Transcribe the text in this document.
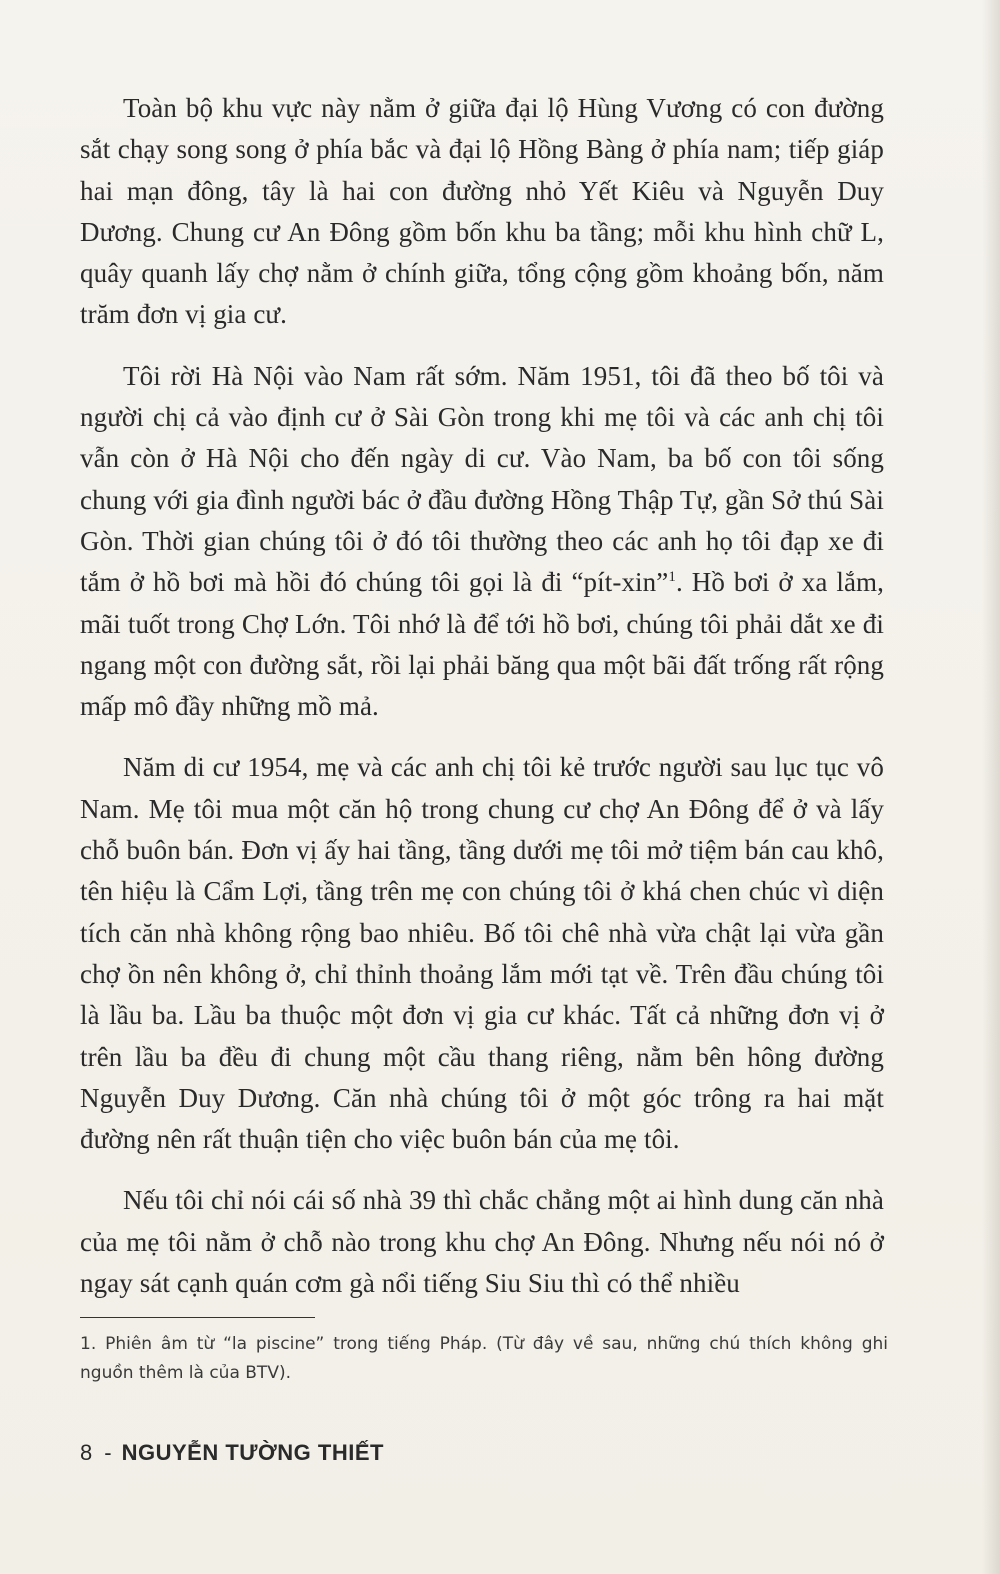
Toàn bộ khu vực này nằm ở giữa đại lộ Hùng Vương có con đường sắt chạy song song ở phía bắc và đại lộ Hồng Bàng ở phía nam; tiếp giáp hai mạn đông, tây là hai con đường nhỏ Yết Kiêu và Nguyễn Duy Dương. Chung cư An Đông gồm bốn khu ba tầng; mỗi khu hình chữ L, quây quanh lấy chợ nằm ở chính giữa, tổng cộng gồm khoảng bốn, năm trăm đơn vị gia cư.

Tôi rời Hà Nội vào Nam rất sớm. Năm 1951, tôi đã theo bố tôi và người chị cả vào định cư ở Sài Gòn trong khi mẹ tôi và các anh chị tôi vẫn còn ở Hà Nội cho đến ngày di cư. Vào Nam, ba bố con tôi sống chung với gia đình người bác ở đầu đường Hồng Thập Tự, gần Sở thú Sài Gòn. Thời gian chúng tôi ở đó tôi thường theo các anh họ tôi đạp xe đi tắm ở hồ bơi mà hồi đó chúng tôi gọi là đi “pít-xin”$^1$. Hồ bơi ở xa lắm, mãi tuốt trong Chợ Lớn. Tôi nhớ là để tới hồ bơi, chúng tôi phải dắt xe đi ngang một con đường sắt, rồi lại phải băng qua một bãi đất trống rất rộng mấp mô đầy những mồ mả.

Năm di cư 1954, mẹ và các anh chị tôi kẻ trước người sau lục tục vô Nam. Mẹ tôi mua một căn hộ trong chung cư chợ An Đông để ở và lấy chỗ buôn bán. Đơn vị ấy hai tầng, tầng dưới mẹ tôi mở tiệm bán cau khô, tên hiệu là Cẩm Lợi, tầng trên mẹ con chúng tôi ở khá chen chúc vì diện tích căn nhà không rộng bao nhiêu. Bố tôi chê nhà vừa chật lại vừa gần chợ ồn nên không ở, chỉ thỉnh thoảng lắm mới tạt về. Trên đầu chúng tôi là lầu ba. Lầu ba thuộc một đơn vị gia cư khác. Tất cả những đơn vị ở trên lầu ba đều đi chung một cầu thang riêng, nằm bên hông đường Nguyễn Duy Dương. Căn nhà chúng tôi ở một góc trông ra hai mặt đường nên rất thuận tiện cho việc buôn bán của mẹ tôi.

Nếu tôi chỉ nói cái số nhà 39 thì chắc chẳng một ai hình dung căn nhà của mẹ tôi nằm ở chỗ nào trong khu chợ An Đông. Nhưng nếu nói nó ở ngay sát cạnh quán cơm gà nổi tiếng Siu Siu thì có thể nhiều

1. Phiên âm từ “la piscine” trong tiếng Pháp. (Từ đây về sau, những chú thích không ghi nguồn thêm là của BTV).
8 - NGUYỄN TƯỜNG THIẾT
